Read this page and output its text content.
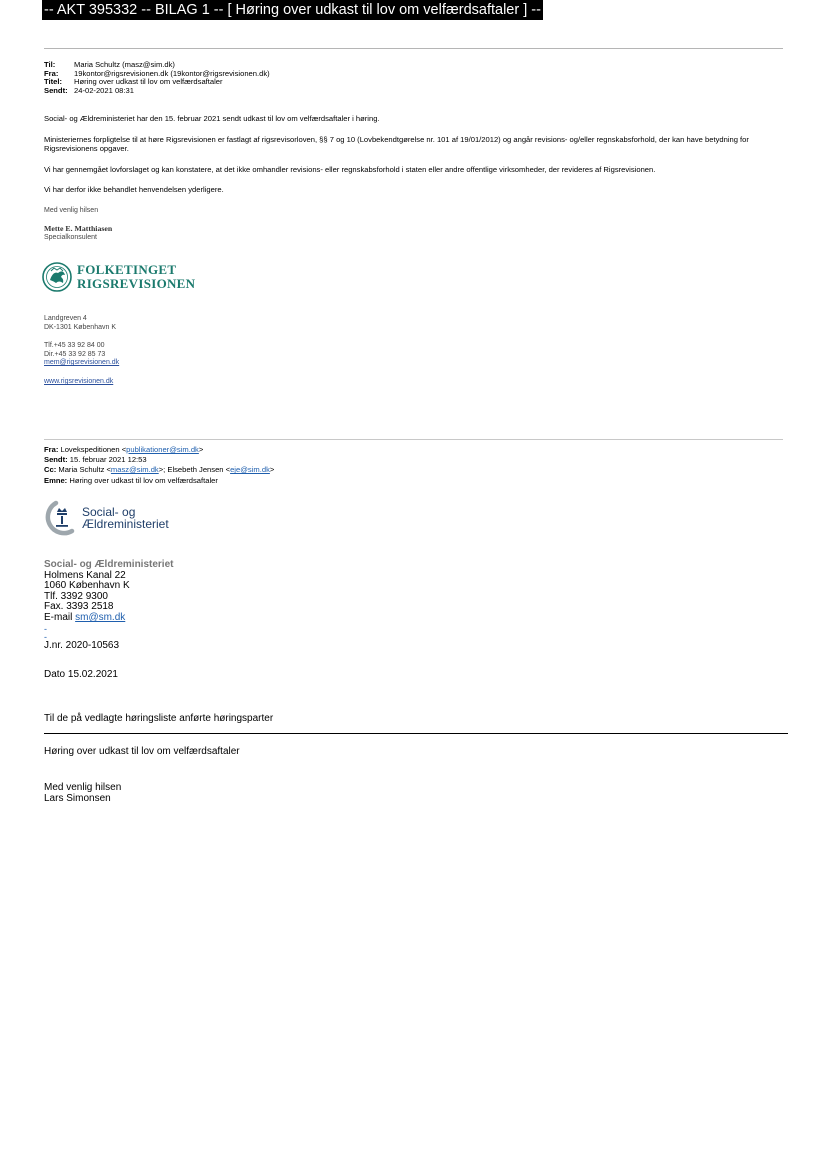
-- AKT 395332 -- BILAG 1 -- [ Høring over udkast til lov om velfærdsaftaler ] --
Til:	Maria Schultz (masz@sim.dk)
Fra:	19kontor@rigsrevisionen.dk (19kontor@rigsrevisionen.dk)
Titel:	Høring over udkast til lov om velfærdsaftaler
Sendt: 24-02-2021 08:31
Social- og Ældreministeriet har den 15. februar 2021 sendt udkast til lov om velfærdsaftaler i høring.
Ministeriernes forpligtelse til at høre Rigsrevisionen er fastlagt af rigsrevisorloven, §§ 7 og 10 (Lovbekendtgørelse nr. 101 af 19/01/2012) og angår revisions- og/eller regnskabsforhold, der kan have betydning for Rigsrevisionens opgaver.
Vi har gennemgået lovforslaget og kan konstatere, at det ikke omhandler revisions- eller regnskabsforhold i staten eller andre offentlige virksomheder, der revideres af Rigsrevisionen.
Vi har derfor ikke behandlet henvendelsen yderligere.
Med venlig hilsen
Mette E. Matthiasen
Specialkonsulent
FOLKETINGET
RIGSREVISIONEN
Landgreven 4
DK-1301 København K
Tlf.+45 33 92 84 00
Dir.+45 33 92 85 73
mem@rigsrevisionen.dk
www.rigsrevisionen.dk
Fra: Lovekspeditionen <publikationer@sim.dk>
Sendt: 15. februar 2021 12:53
Cc: Maria Schultz <masz@sim.dk>; Elsebeth Jensen <eje@sim.dk>
Emne: Høring over udkast til lov om velfærdsaftaler
Social- og
Ældreministeriet
Social- og Ældreministeriet
Holmens Kanal 22
1060 København K
Tlf. 3392 9300
Fax. 3393 2518
E-mail sm@sm.dk
-
-
J.nr. 2020-10563
Dato 15.02.2021
Til de på vedlagte høringsliste anførte høringsparter
Høring over udkast til lov om velfærdsaftaler
Med venlig hilsen
Lars Simonsen
